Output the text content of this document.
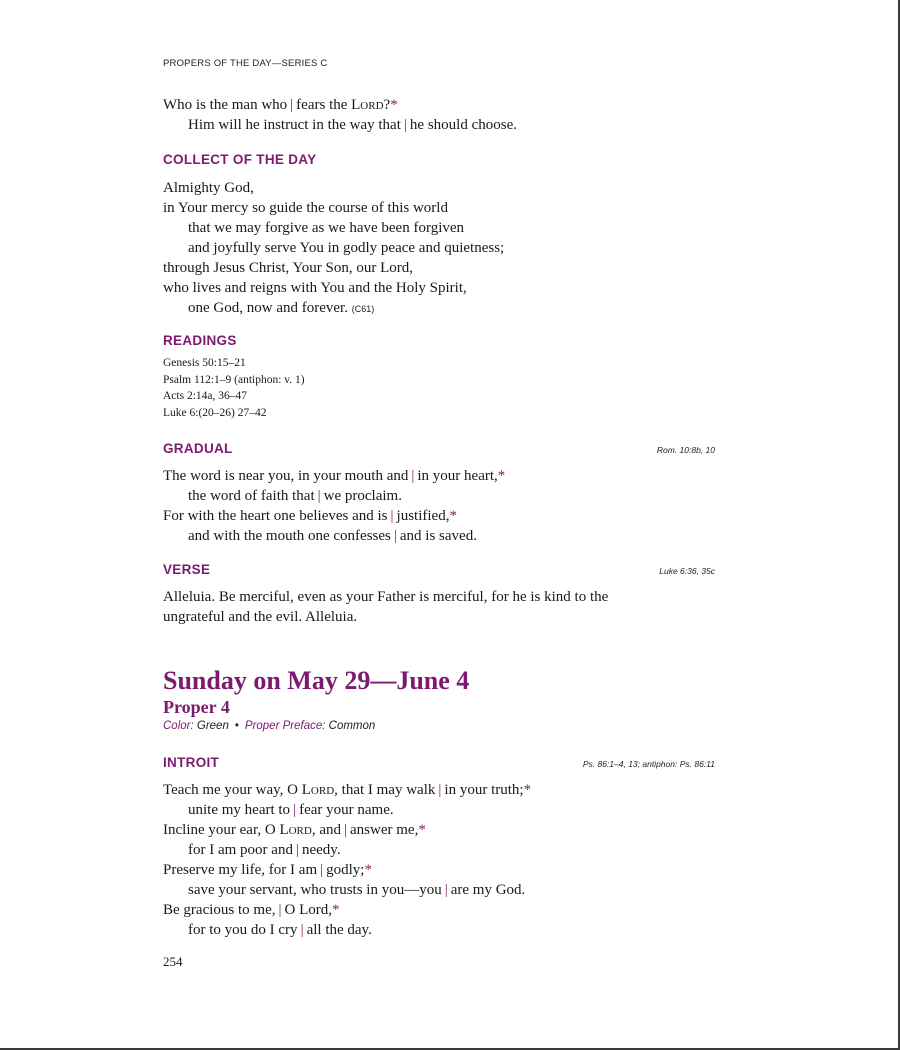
PROPERS OF THE DAY—SERIES C
Who is the man who | fears the Lord?*
Him will he instruct in the way that | he should choose.
COLLECT OF THE DAY
Almighty God,
in Your mercy so guide the course of this world
that we may forgive as we have been forgiven
and joyfully serve You in godly peace and quietness;
through Jesus Christ, Your Son, our Lord,
who lives and reigns with You and the Holy Spirit,
one God, now and forever. (C61)
READINGS
Genesis 50:15–21
Psalm 112:1–9 (antiphon: v. 1)
Acts 2:14a, 36–47
Luke 6:(20–26) 27–42
GRADUAL	Rom. 10:8b, 10
The word is near you, in your mouth and | in your heart,*
the word of faith that | we proclaim.
For with the heart one believes and is | justified,*
and with the mouth one confesses | and is saved.
VERSE	Luke 6:36, 35c
Alleluia. Be merciful, even as your Father is merciful, for he is kind to the ungrateful and the evil. Alleluia.
Sunday on May 29—June 4
Proper 4
Color: Green • Proper Preface: Common
INTROIT	Ps. 86:1–4, 13; antiphon: Ps. 86:11
Teach me your way, O Lord, that I may walk | in your truth;*
unite my heart to | fear your name.
Incline your ear, O Lord, and | answer me,*
for I am poor and | needy.
Preserve my life, for I am | godly;*
save your servant, who trusts in you—you | are my God.
Be gracious to me, | O Lord,*
for to you do I cry | all the day.
254
